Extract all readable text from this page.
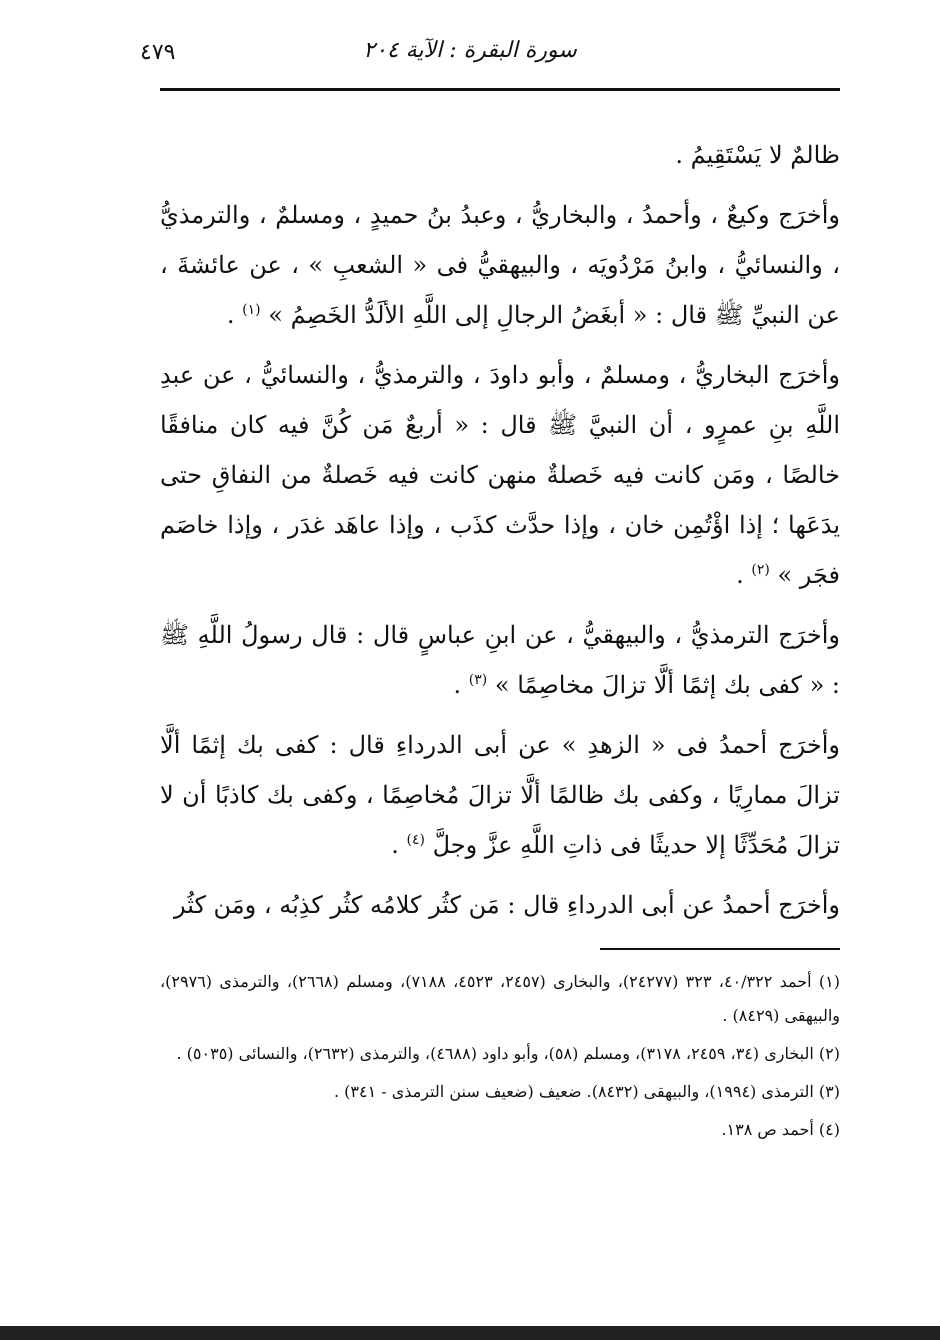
٤٧٩	سورة البقرة : الآية ٢٠٤

ظالمٌ لا يَسْتَقِيمُ .

وأخرَج وكيعٌ ، وأحمدُ ، والبخاريُّ ، وعبدُ بنُ حميدٍ ، ومسلمٌ ، والترمذيُّ ، والنسائيُّ ، وابنُ مَرْدُويَه ، والبيهقيُّ فى « الشعبِ » ، عن عائشةَ ، عن النبيِّ ﷺ قال : « أبغَضُ الرجالِ إلى اللَّهِ الألَدُّ الخَصِمُ » $^{(١)}$ .

وأخرَج البخاريُّ ، ومسلمٌ ، وأبو داودَ ، والترمذيُّ ، والنسائيُّ ، عن عبدِ اللَّهِ بنِ عمرٍو ، أن النبيَّ ﷺ قال : « أربعٌ مَن كُنَّ فيه كان منافقًا خالصًا ، ومَن كانت فيه خَصلةٌ منهن كانت فيه خَصلةٌ من النفاقِ حتى يدَعَها ؛ إذا اؤْتُمِن خان ، وإذا حدَّث كذَب ، وإذا عاهَد غدَر ، وإذا خاصَم فجَر » $^{(٢)}$ .

وأخرَج الترمذيُّ ، والبيهقيُّ ، عن ابنِ عباسٍ قال : قال رسولُ اللَّهِ ﷺ : « كفى بك إثمًا ألَّا تزالَ مخاصِمًا » $^{(٣)}$ .

وأخرَج أحمدُ فى « الزهدِ » عن أبى الدرداءِ قال : كفى بك إثمًا ألَّا تزالَ ممارِيًا ، وكفى بك ظالمًا ألَّا تزالَ مُخاصِمًا ، وكفى بك كاذبًا أن لا تزالَ مُحَدِّثًا إلا حديثًا فى ذاتِ اللَّهِ عزَّ وجلَّ $^{(٤)}$ .

وأخرَج أحمدُ عن أبى الدرداءِ قال : مَن كثُر كلامُه كثُر كذِبُه ، ومَن كثُر

(١) أحمد ٤٠/٣٢٢، ٣٢٣ (٢٤٢٧٧)، والبخارى (٢٤٥٧، ٤٥٢٣، ٧١٨٨)، ومسلم (٢٦٦٨)، والترمذى (٢٩٧٦)، والبيهقى (٨٤٢٩) .

(٢) البخارى (٣٤، ٢٤٥٩، ٣١٧٨)، ومسلم (٥٨)، وأبو داود (٤٦٨٨)، والترمذى (٢٦٣٢)، والنسائى (٥٠٣٥) .

(٣) الترمذى (١٩٩٤)، والبيهقى (٨٤٣٢). ضعيف (ضعيف سنن الترمذى - ٣٤١) .

(٤) أحمد ص ١٣٨.
